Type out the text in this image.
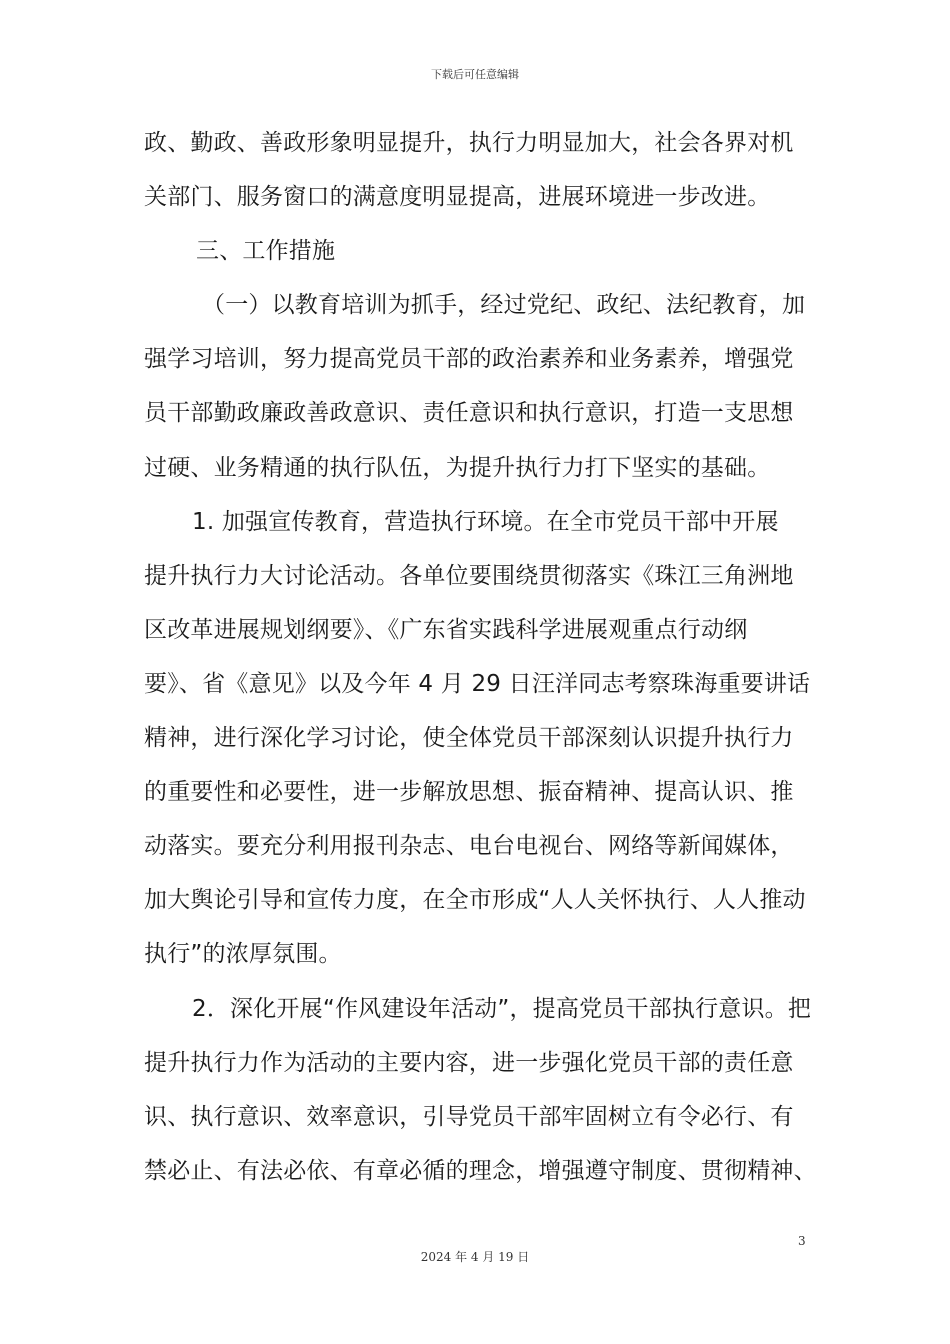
下载后可任意编辑
政、勤政、善政形象明显提升，执行力明显加大，社会各界对机
关部门、服务窗口的满意度明显提高，进展环境进一步改进。
三、工作措施
（一）以教育培训为抓手，经过党纪、政纪、法纪教育，加
强学习培训，努力提高党员干部的政治素养和业务素养，增强党
员干部勤政廉政善政意识、责任意识和执行意识，打造一支思想
过硬、业务精通的执行队伍，为提升执行力打下坚实的基础。
1. 加强宣传教育，营造执行环境。在全市党员干部中开展
提升执行力大讨论活动。各单位要围绕贯彻落实《珠江三角洲地
区改革进展规划纲要》、《广东省实践科学进展观重点行动纲
要》、省《意见》以及今年 4 月 29 日汪洋同志考察珠海重要讲话
精神，进行深化学习讨论，使全体党员干部深刻认识提升执行力
的重要性和必要性，进一步解放思想、振奋精神、提高认识、推
动落实。要充分利用报刊杂志、电台电视台、网络等新闻媒体，
加大舆论引导和宣传力度，在全市形成“人人关怀执行、人人推动
执行”的浓厚氛围。
2．深化开展“作风建设年活动”，提高党员干部执行意识。把
提升执行力作为活动的主要内容，进一步强化党员干部的责任意
识、执行意识、效率意识，引导党员干部牢固树立有令必行、有
禁必止、有法必依、有章必循的理念，增强遵守制度、贯彻精神、
3
2024 年 4 月 19 日
